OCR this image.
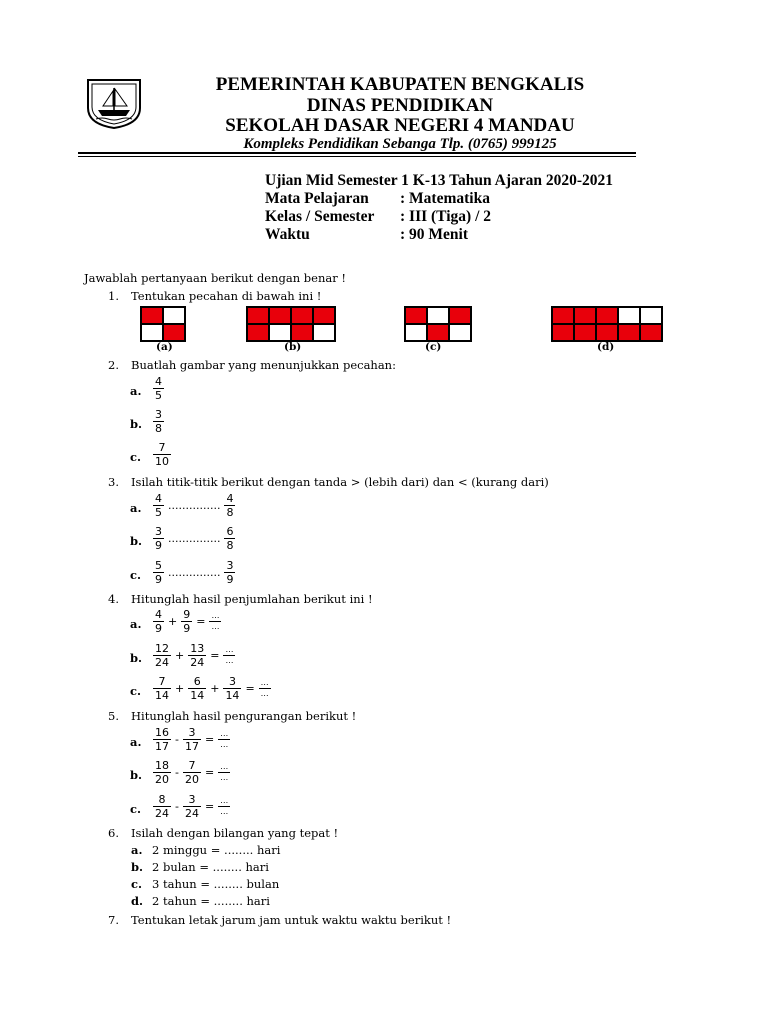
PEMERINTAH KABUPATEN BENGKALIS
DINAS PENDIDIKAN
SEKOLAH DASAR NEGERI 4 MANDAU
Kompleks Pendidikan Sebanga Tlp. (0765) 999125
Ujian Mid Semester 1 K-13 Tahun Ajaran 2020-2021
Mata Pelajaran : Matematika
Kelas / Semester : III (Tiga) / 2
Waktu	: 90 Menit
Jawablah pertanyaan berikut dengan benar !
1. Tentukan pecahan di bawah ini !
(a)	(b)	(c)	(d)
2. Buatlah gambar yang menunjukkan pecahan:
a. $\frac{4}{5}$
b. $\frac{3}{8}$
c. $\frac{7}{10}$
3. Isilah titik-titik berikut dengan tanda > (lebih dari) dan < (kurang dari)
a. $\frac{4}{5}$ ............... $\frac{4}{8}$
b. $\frac{3}{9}$ ............... $\frac{6}{8}$
c. $\frac{5}{9}$ ............... $\frac{3}{9}$
4. Hitunglah hasil penjumlahan berikut ini !
a. $\frac{4}{9} + \frac{9}{9} = \frac{\dots}{\dots}$
b. $\frac{12}{24} + \frac{13}{24} = \frac{\dots}{\dots}$
c. $\frac{7}{14} + \frac{6}{14} + \frac{3}{14} = \frac{\dots}{\dots}$
5. Hitunglah hasil pengurangan berikut !
a. $\frac{16}{17} - \frac{3}{17} = \frac{\dots}{\dots}$
b. $\frac{18}{20} - \frac{7}{20} = \frac{\dots}{\dots}$
c. $\frac{8}{24} - \frac{3}{24} = \frac{\dots}{\dots}$
6. Isilah dengan bilangan yang tepat !
a. 2 minggu = ........ hari
b. 2 bulan = ........ hari
c. 3 tahun = ........ bulan
d. 2 tahun = ........ hari
7. Tentukan letak jarum jam untuk waktu waktu berikut !
